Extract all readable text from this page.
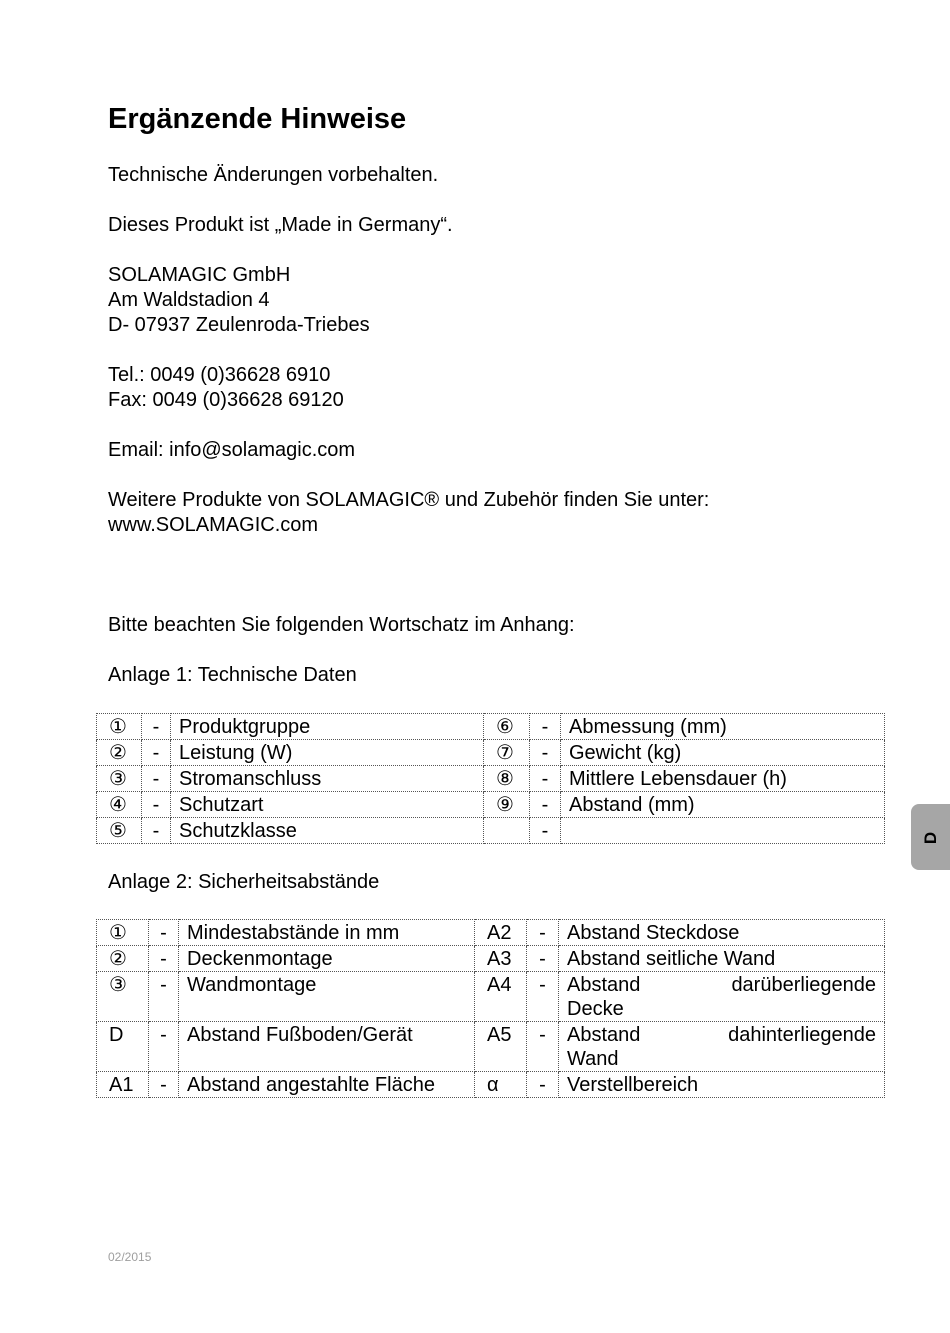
Ergänzende Hinweise
Technische Änderungen vorbehalten.
Dieses Produkt ist „Made in Germany“.
SOLAMAGIC GmbH
Am Waldstadion 4
D- 07937 Zeulenroda-Triebes
Tel.: 0049 (0)36628 6910
Fax: 0049 (0)36628 69120
Email: info@solamagic.com
Weitere Produkte von SOLAMAGIC® und Zubehör finden Sie unter:
www.SOLAMAGIC.com
Bitte beachten Sie folgenden Wortschatz im Anhang:
Anlage 1: Technische Daten
①	-	Produktgruppe	⑥	-	Abmessung (mm)
②	-	Leistung (W)	⑦	-	Gewicht (kg)
③	-	Stromanschluss	⑧	-	Mittlere Lebensdauer (h)
④	-	Schutzart	⑨	-	Abstand (mm)
⑤	-	Schutzklasse		-	
Anlage 2: Sicherheitsabstände
①	-	Mindestabstände in mm	A2	-	Abstand Steckdose
②	-	Deckenmontage	A3	-	Abstand seitliche Wand
③	-	Wandmontage	A4	-	Abstand darüberliegende
Decke

D	-	Abstand Fußboden/Gerät	A5	-	Abstand dahinterliegende
Wand

A1	-	Abstand angestahlte Fläche	α	-	Verstellbereich
D
02/2015
